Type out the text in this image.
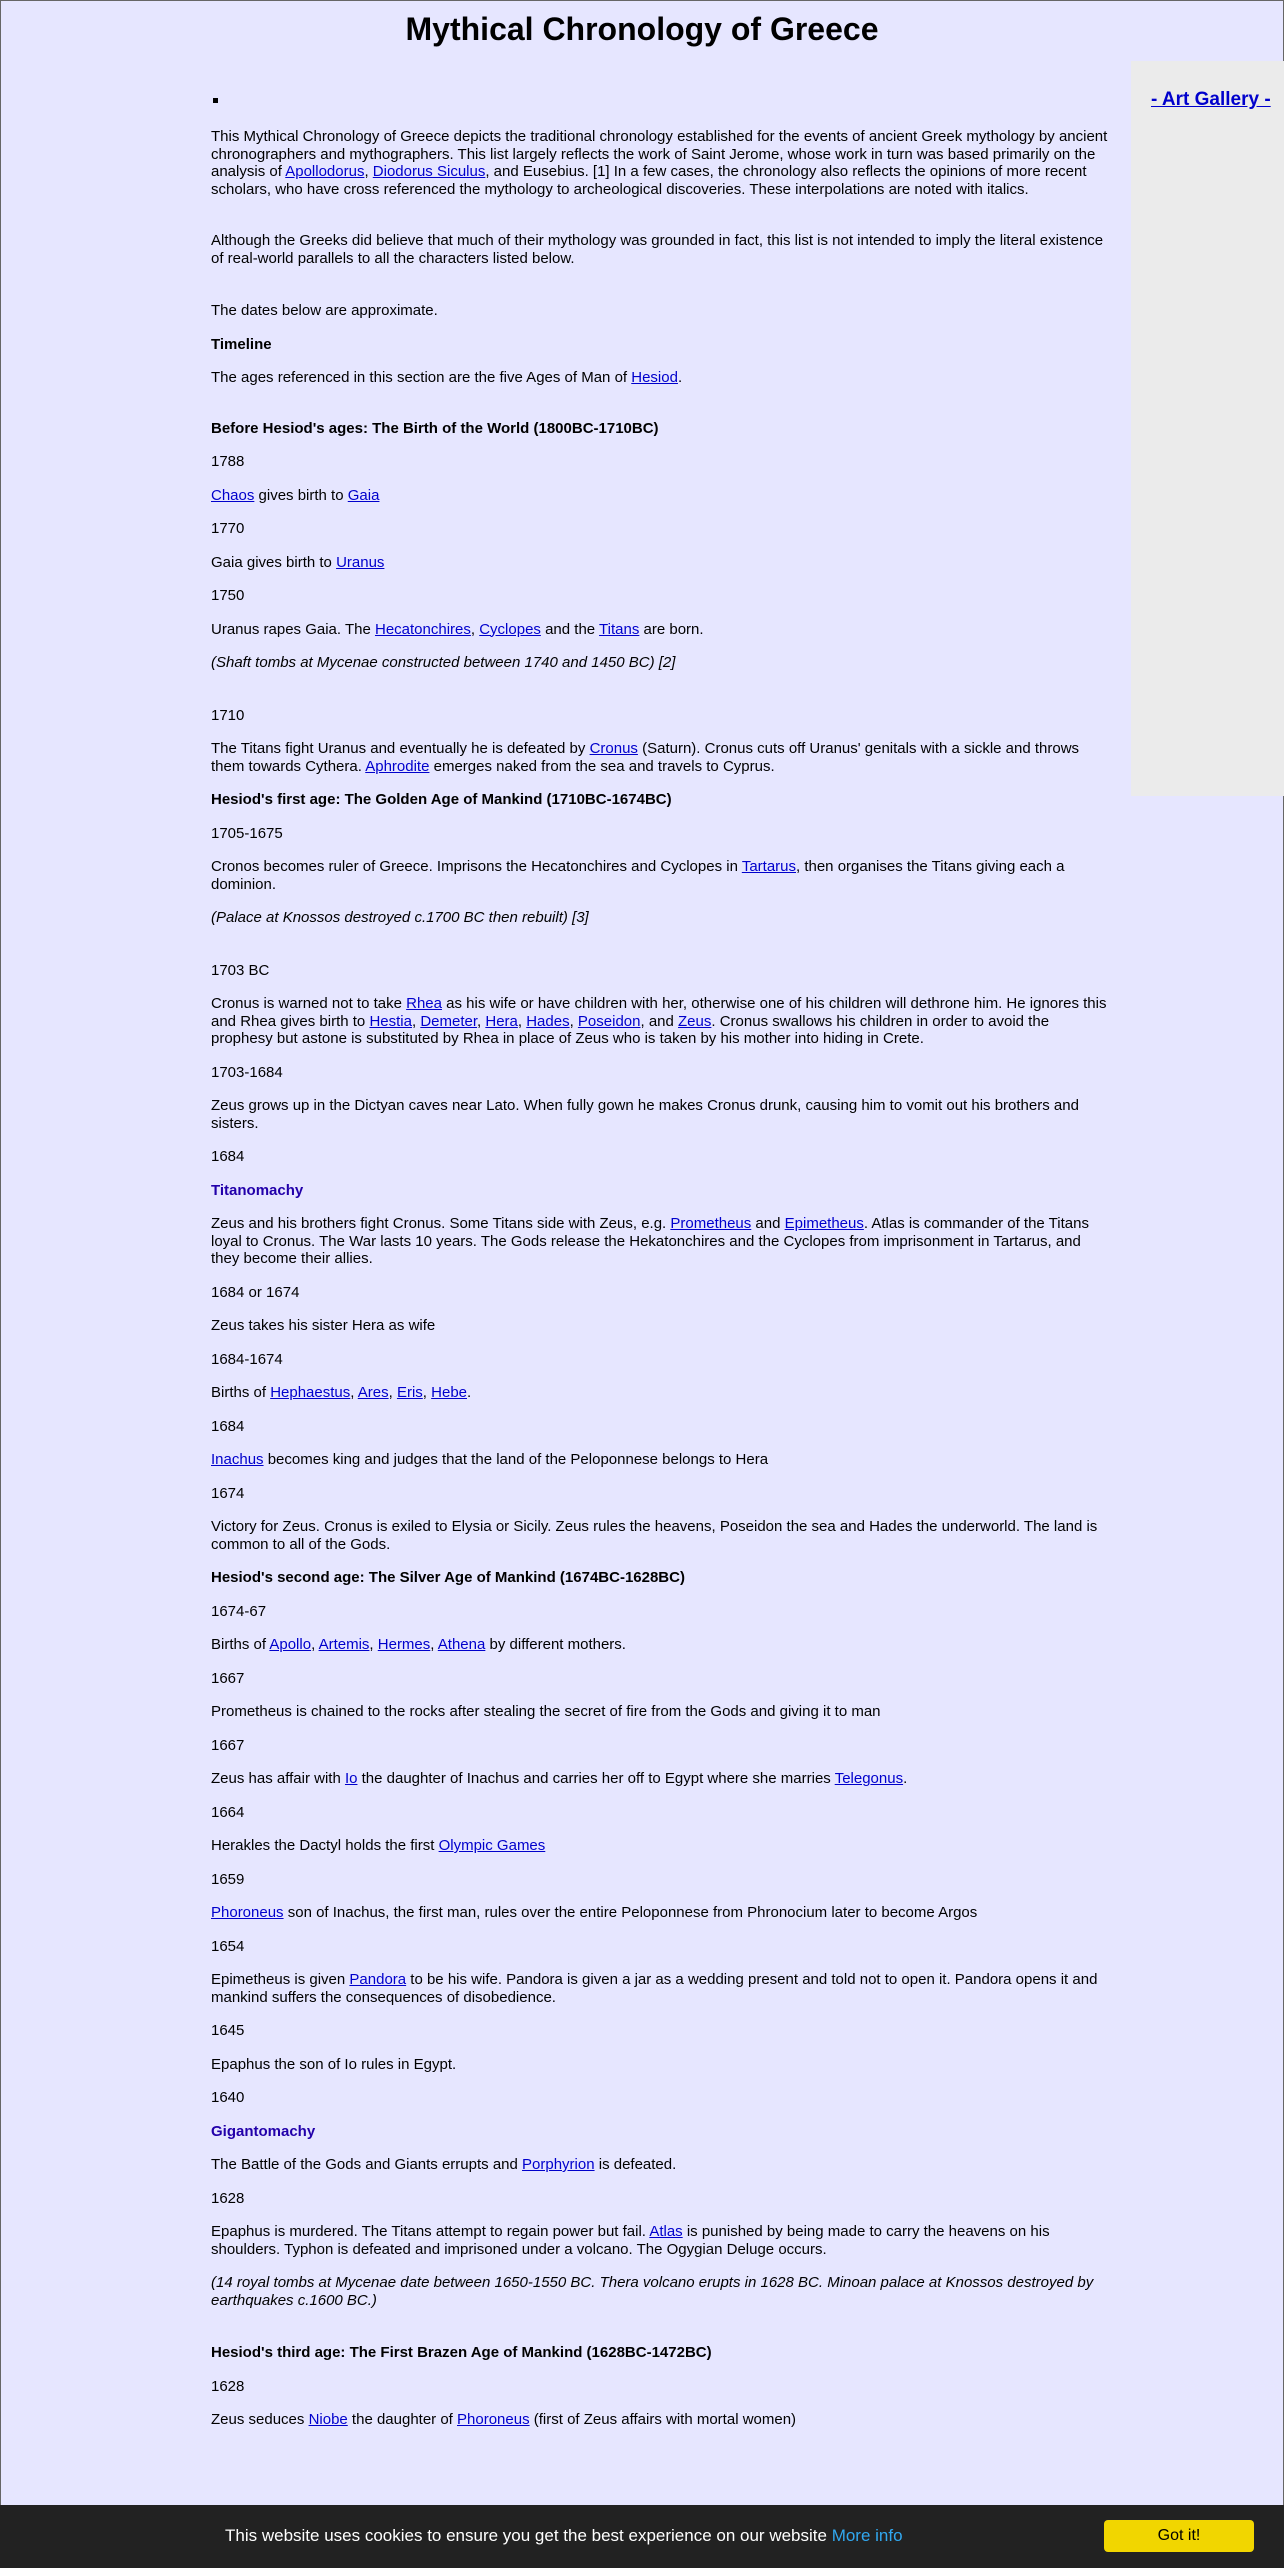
Mythical Chronology of Greece
- Art Gallery -

This Mythical Chronology of Greece depicts the traditional chronology established for the events of ancient Greek mythology by ancient chronographers and mythographers. This list largely reflects the work of Saint Jerome, whose work in turn was based primarily on the analysis of Apollodorus, Diodorus Siculus, and Eusebius. [1] In a few cases, the chronology also reflects the opinions of more recent scholars, who have cross referenced the mythology to archeological discoveries. These interpolations are noted with italics.

Although the Greeks did believe that much of their mythology was grounded in fact, this list is not intended to imply the literal existence of real-world parallels to all the characters listed below.

The dates below are approximate.

Timeline

The ages referenced in this section are the five Ages of Man of Hesiod.

Before Hesiod's ages: The Birth of the World (1800BC-1710BC)

1788

Chaos gives birth to Gaia

1770

Gaia gives birth to Uranus

1750

Uranus rapes Gaia. The Hecatonchires, Cyclopes and the Titans are born.

(Shaft tombs at Mycenae constructed between 1740 and 1450 BC) [2]

1710

The Titans fight Uranus and eventually he is defeated by Cronus (Saturn). Cronus cuts off Uranus' genitals with a sickle and throws them towards Cythera. Aphrodite emerges naked from the sea and travels to Cyprus.

Hesiod's first age: The Golden Age of Mankind (1710BC-1674BC)

1705-1675

Cronos becomes ruler of Greece. Imprisons the Hecatonchires and Cyclopes in Tartarus, then organises the Titans giving each a dominion.

(Palace at Knossos destroyed c.1700 BC then rebuilt) [3]

1703 BC

Cronus is warned not to take Rhea as his wife or have children with her, otherwise one of his children will dethrone him. He ignores this and Rhea gives birth to Hestia, Demeter, Hera, Hades, Poseidon, and Zeus. Cronus swallows his children in order to avoid the prophesy but astone is substituted by Rhea in place of Zeus who is taken by his mother into hiding in Crete.

1703-1684

Zeus grows up in the Dictyan caves near Lato. When fully gown he makes Cronus drunk, causing him to vomit out his brothers and sisters.

1684

Titanomachy

Zeus and his brothers fight Cronus. Some Titans side with Zeus, e.g. Prometheus and Epimetheus. Atlas is commander of the Titans loyal to Cronus. The War lasts 10 years. The Gods release the Hekatonchires and the Cyclopes from imprisonment in Tartarus, and they become their allies.

1684 or 1674

Zeus takes his sister Hera as wife

1684-1674

Births of Hephaestus, Ares, Eris, Hebe.

1684

Inachus becomes king and judges that the land of the Peloponnese belongs to Hera

1674

Victory for Zeus. Cronus is exiled to Elysia or Sicily. Zeus rules the heavens, Poseidon the sea and Hades the underworld. The land is common to all of the Gods.

Hesiod's second age: The Silver Age of Mankind (1674BC-1628BC)

1674-67

Births of Apollo, Artemis, Hermes, Athena by different mothers.

1667

Prometheus is chained to the rocks after stealing the secret of fire from the Gods and giving it to man

1667

Zeus has affair with Io the daughter of Inachus and carries her off to Egypt where she marries Telegonus.

1664

Herakles the Dactyl holds the first Olympic Games

1659

Phoroneus son of Inachus, the first man, rules over the entire Peloponnese from Phronocium later to become Argos

1654

Epimetheus is given Pandora to be his wife. Pandora is given a jar as a wedding present and told not to open it. Pandora opens it and mankind suffers the consequences of disobedience.

1645

Epaphus the son of Io rules in Egypt.

1640

Gigantomachy

The Battle of the Gods and Giants errupts and Porphyrion is defeated.

1628

Epaphus is murdered. The Titans attempt to regain power but fail. Atlas is punished by being made to carry the heavens on his shoulders. Typhon is defeated and imprisoned under a volcano. The Ogygian Deluge occurs.

(14 royal tombs at Mycenae date between 1650-1550 BC. Thera volcano erupts in 1628 BC. Minoan palace at Knossos destroyed by earthquakes c.1600 BC.)

Hesiod's third age: The First Brazen Age of Mankind (1628BC-1472BC)

1628

Zeus seduces Niobe the daughter of Phoroneus (first of Zeus affairs with mortal women)

This website uses cookies to ensure you get the best experience on our website More info	Got it!
